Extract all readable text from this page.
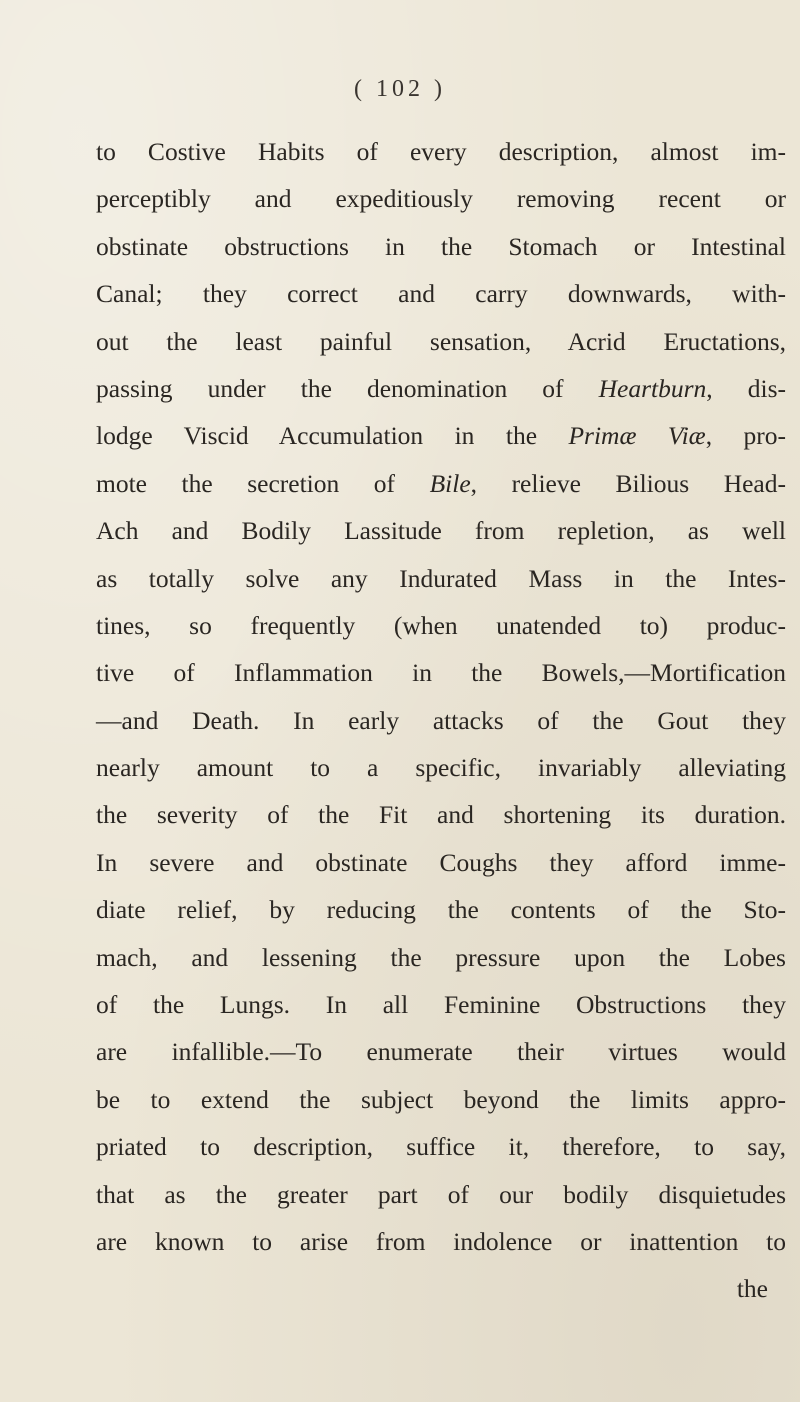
( 102 )
to Costive Habits of every description, almost im-
perceptibly and expeditiously removing recent or
obstinate obstructions in the Stomach or Intestinal
Canal; they correct and carry downwards, with-
out the least painful sensation, Acrid Eructations,
passing under the denomination of Heartburn, dis-
lodge Viscid Accumulation in the Primæ Viæ, pro-
mote the secretion of Bile, relieve Bilious Head-
Ach and Bodily Lassitude from repletion, as well
as totally solve any Indurated Mass in the Intes-
tines, so frequently (when unatended to) produc-
tive of Inflammation in the Bowels,—Mortification
—and Death. In early attacks of the Gout they
nearly amount to a specific, invariably alleviating
the severity of the Fit and shortening its duration.
In severe and obstinate Coughs they afford imme-
diate relief, by reducing the contents of the Sto-
mach, and lessening the pressure upon the Lobes
of the Lungs. In all Feminine Obstructions they
are infallible.—To enumerate their virtues would
be to extend the subject beyond the limits appro-
priated to description, suffice it, therefore, to say,
that as the greater part of our bodily disquietudes
are known to arise from indolence or inattention to
the
